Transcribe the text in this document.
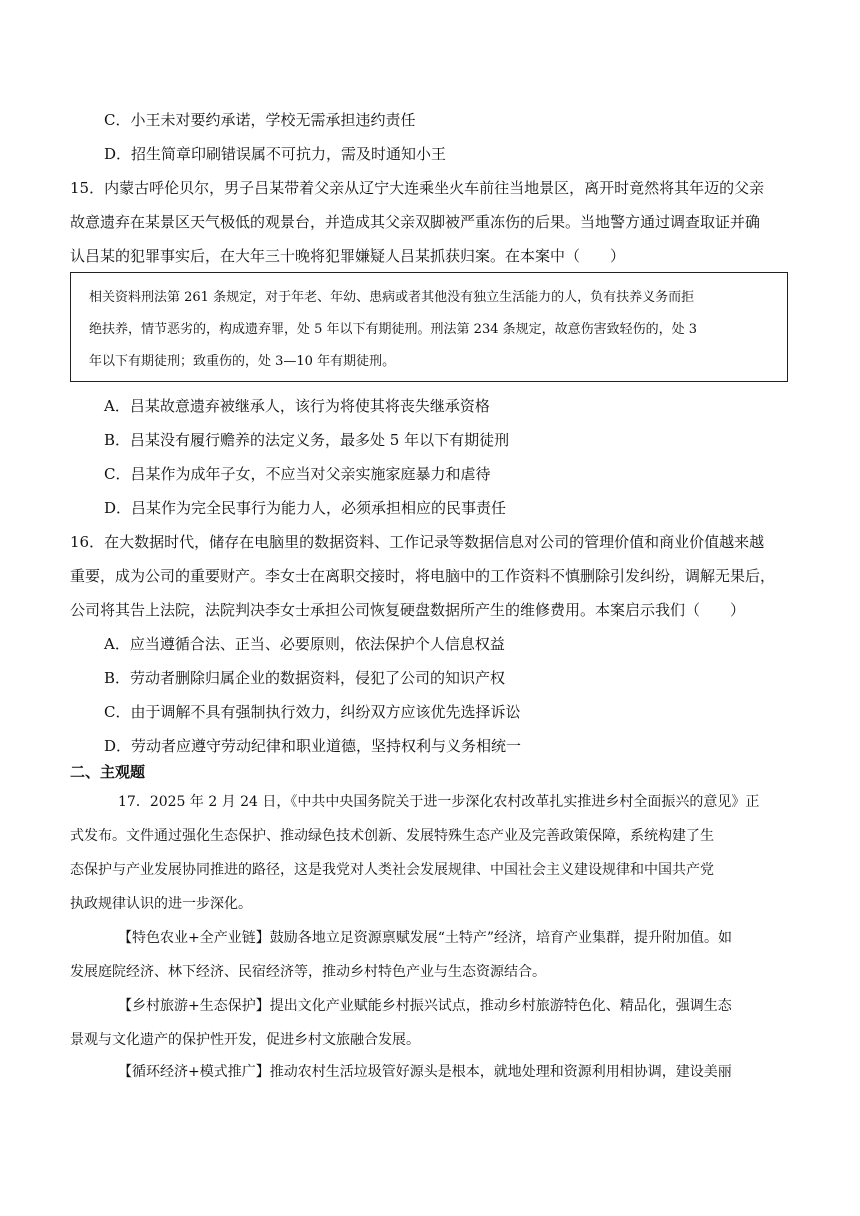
C．小王未对要约承诺，学校无需承担违约责任
D．招生简章印刷错误属不可抗力，需及时通知小王
15．内蒙古呼伦贝尔，男子吕某带着父亲从辽宁大连乘坐火车前往当地景区，离开时竟然将其年迈的父亲
故意遗弃在某景区天气极低的观景台，并造成其父亲双脚被严重冻伤的后果。当地警方通过调查取证并确
认吕某的犯罪事实后，在大年三十晚将犯罪嫌疑人吕某抓获归案。在本案中（　　）
相关资料刑法第 261 条规定，对于年老、年幼、患病或者其他没有独立生活能力的人，负有扶养义务而拒
绝扶养，情节恶劣的，构成遗弃罪，处 5 年以下有期徒刑。刑法第 234 条规定，故意伤害致轻伤的，处 3
年以下有期徒刑；致重伤的，处 3—10 年有期徒刑。
A．吕某故意遗弃被继承人，该行为将使其将丧失继承资格
B．吕某没有履行赡养的法定义务，最多处 5 年以下有期徒刑
C．吕某作为成年子女，不应当对父亲实施家庭暴力和虐待
D．吕某作为完全民事行为能力人，必须承担相应的民事责任
16．在大数据时代，储存在电脑里的数据资料、工作记录等数据信息对公司的管理价值和商业价值越来越
重要，成为公司的重要财产。李女士在离职交接时，将电脑中的工作资料不慎删除引发纠纷，调解无果后，
公司将其告上法院，法院判决李女士承担公司恢复硬盘数据所产生的维修费用。本案启示我们（　　）
A．应当遵循合法、正当、必要原则，依法保护个人信息权益
B．劳动者删除归属企业的数据资料，侵犯了公司的知识产权
C．由于调解不具有强制执行效力，纠纷双方应该优先选择诉讼
D．劳动者应遵守劳动纪律和职业道德，坚持权利与义务相统一
二、主观题
17．2025 年 2 月 24 日，《中共中央国务院关于进一步深化农村改革扎实推进乡村全面振兴的意见》正
式发布。文件通过强化生态保护、推动绿色技术创新、发展特殊生态产业及完善政策保障，系统构建了生
态保护与产业发展协同推进的路径，这是我党对人类社会发展规律、中国社会主义建设规律和中国共产党
执政规律认识的进一步深化。
【特色农业+全产业链】鼓励各地立足资源禀赋发展“土特产”经济，培育产业集群，提升附加值。如
发展庭院经济、林下经济、民宿经济等，推动乡村特色产业与生态资源结合。
【乡村旅游+生态保护】提出文化产业赋能乡村振兴试点，推动乡村旅游特色化、精品化，强调生态
景观与文化遗产的保护性开发，促进乡村文旅融合发展。
【循环经济+模式推广】推动农村生活垃圾管好源头是根本，就地处理和资源利用相协调，建设美丽
